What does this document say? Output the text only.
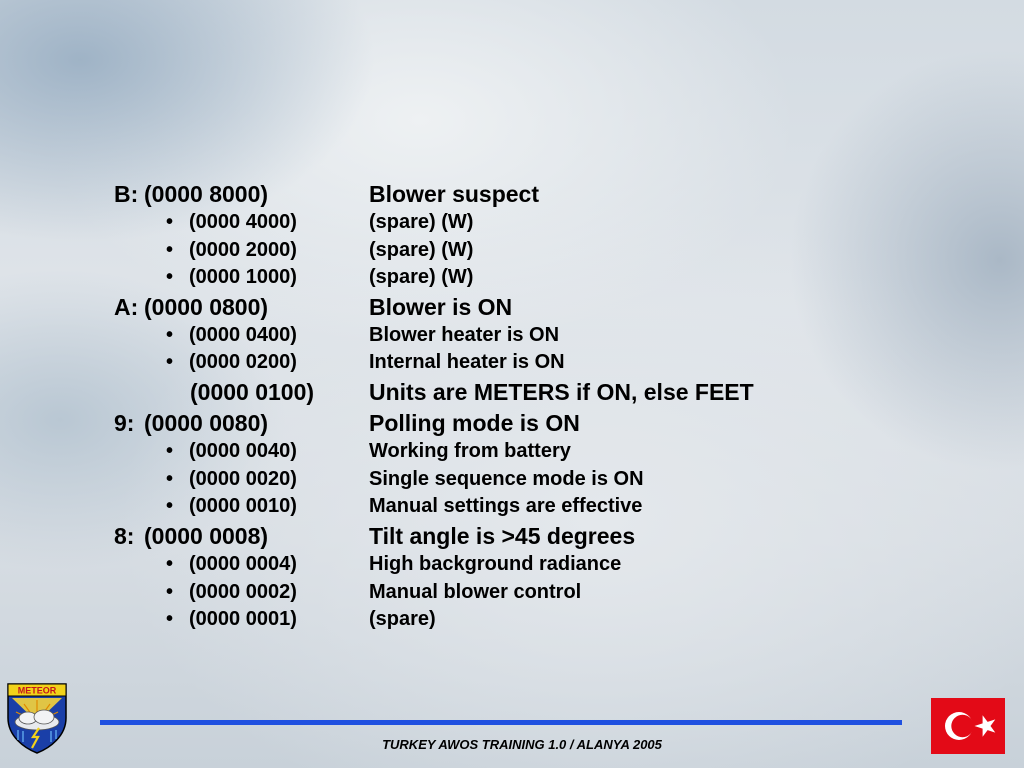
B: (0000 8000)	Blower suspect
• (0000 4000)	(spare) (W)
• (0000 2000)	(spare) (W)
• (0000 1000)	(spare) (W)
A: (0000 0800)	Blower is ON
• (0000 0400)	Blower heater is ON
• (0000 0200)	Internal heater is ON
(0000 0100) Units are METERS if ON, else FEET
9: (0000 0080)	Polling mode is ON
• (0000 0040)	Working from battery
• (0000 0020)	Single sequence mode is ON
• (0000 0010)	Manual settings are effective
8: (0000 0008)	Tilt angle is >45 degrees
• (0000 0004)	High background radiance
• (0000 0002)	Manual blower control
• (0000 0001)	(spare)
METEOR
TURKEY AWOS TRAINING 1.0 / ALANYA 2005
